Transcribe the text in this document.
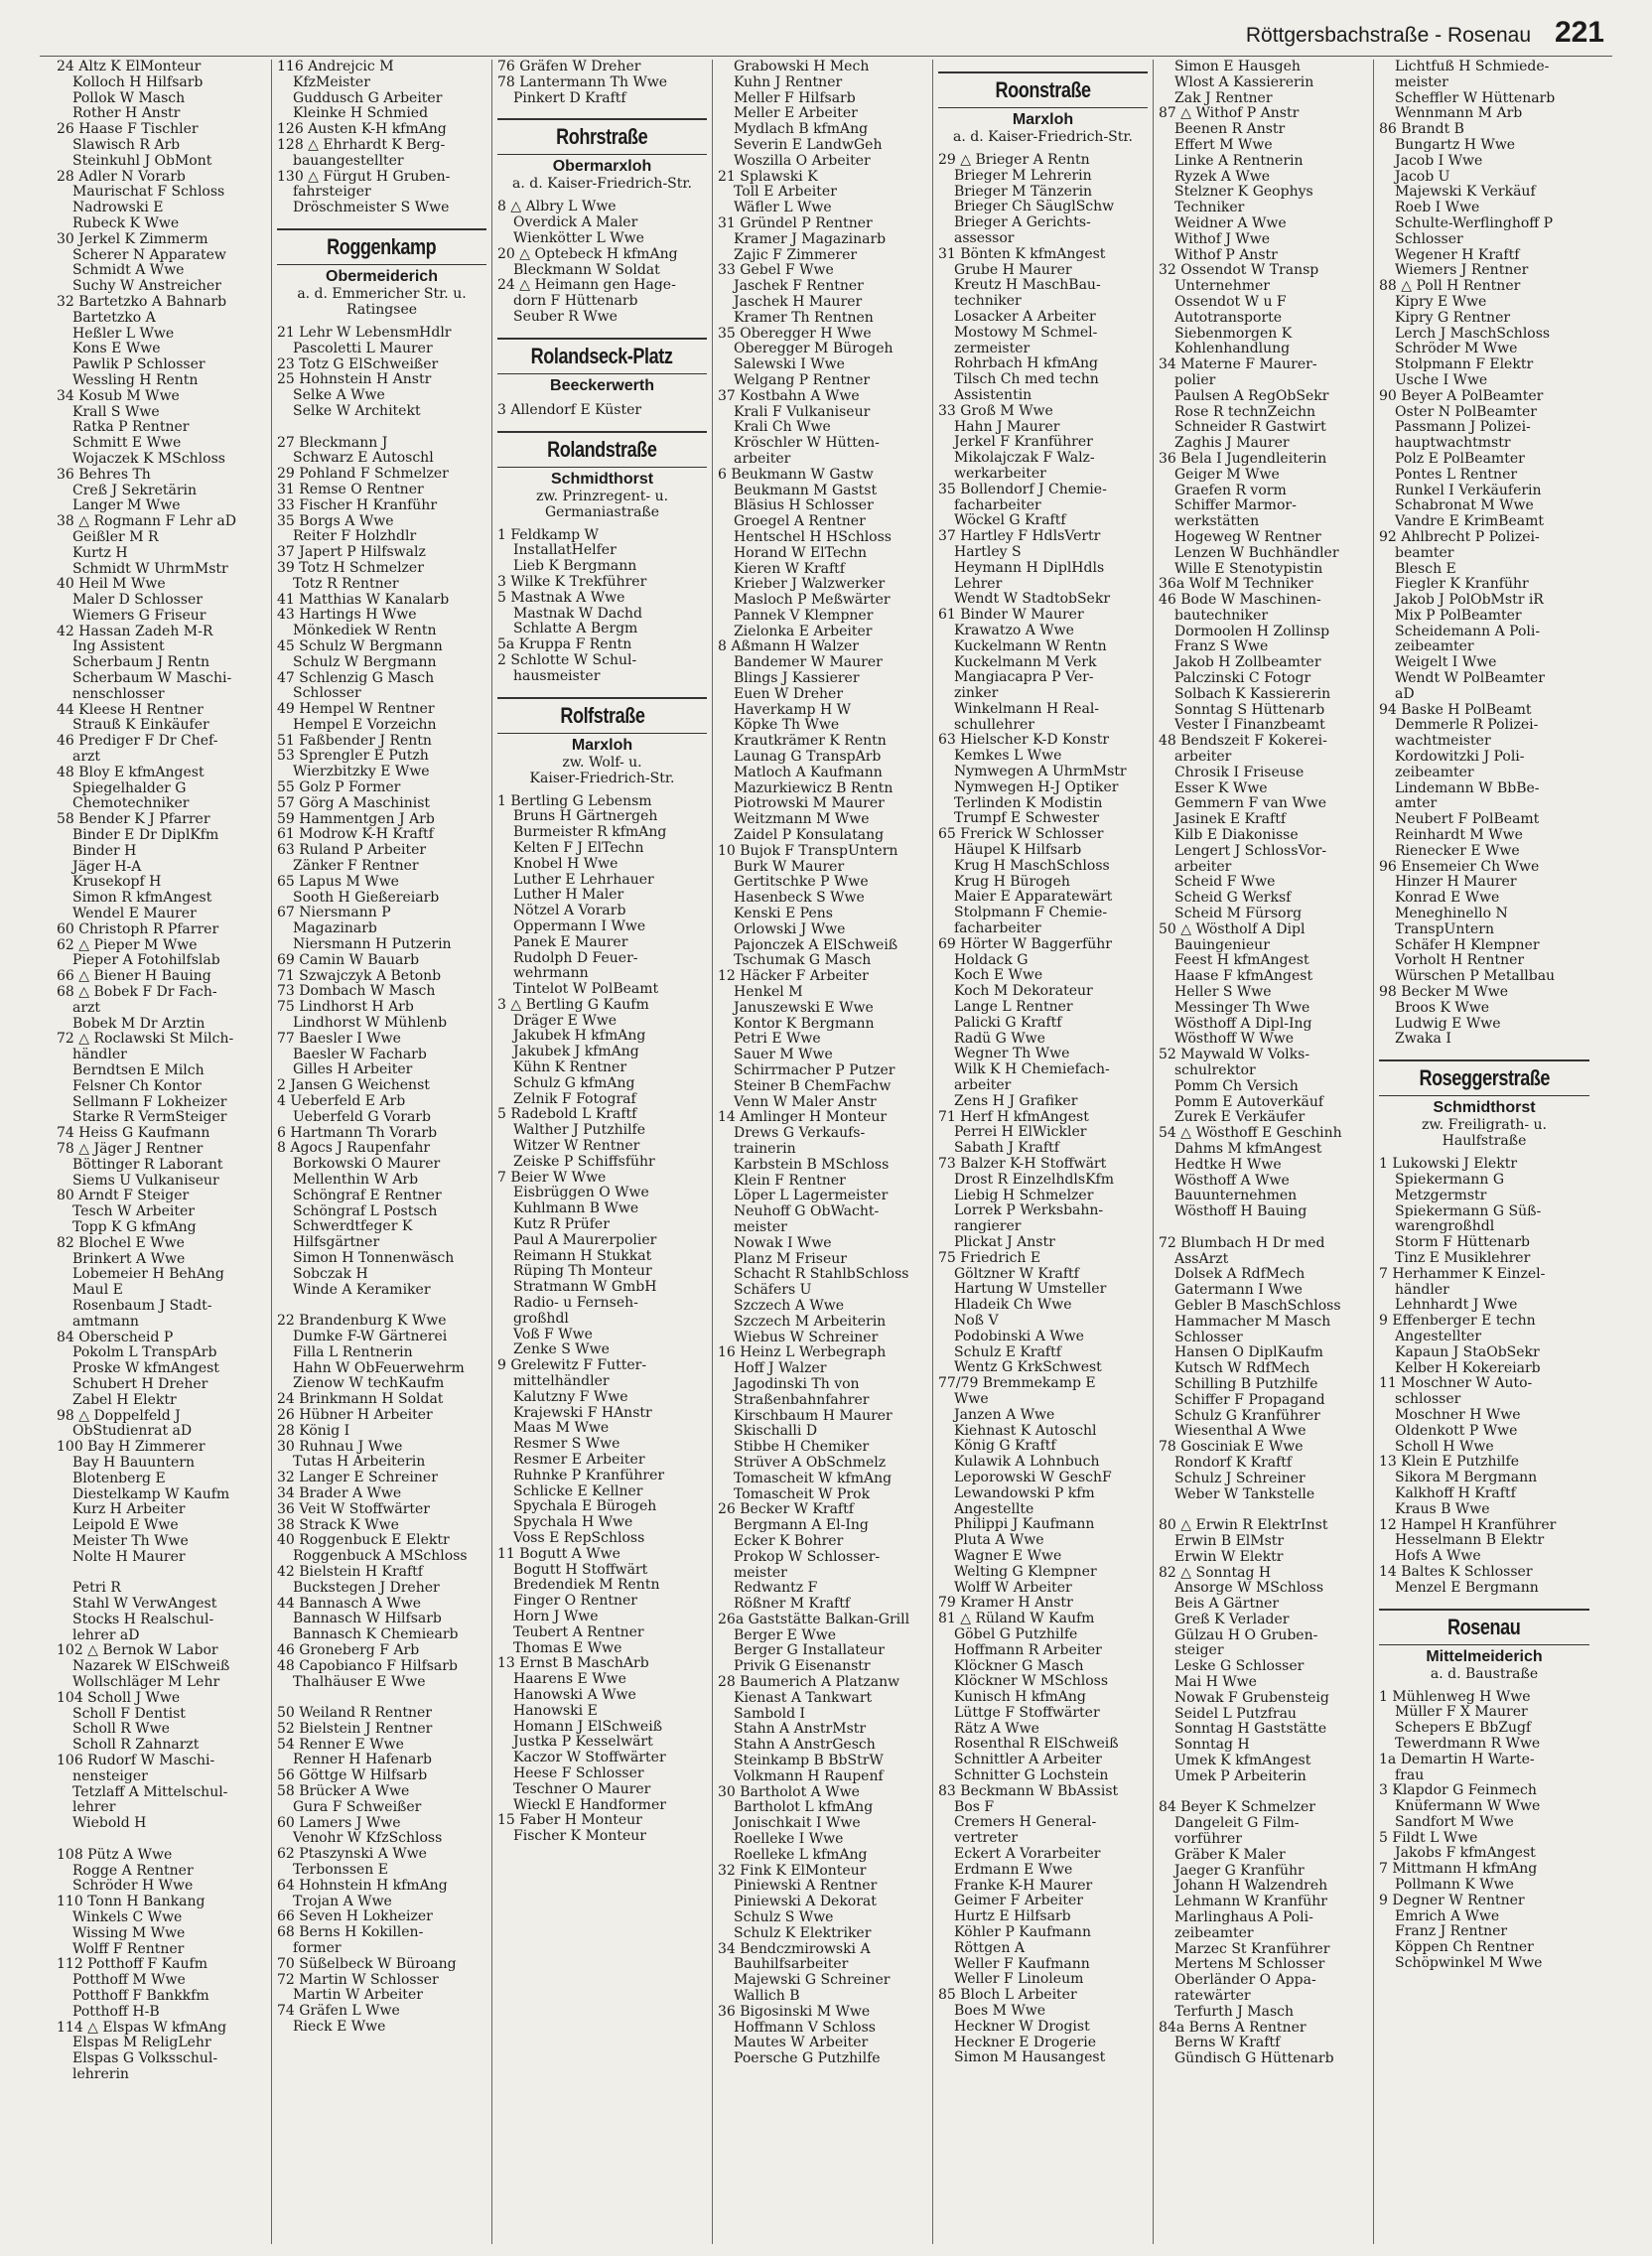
Röttgersbachstraße - Rosenau 221
24 Altz K ElMonteur
Kolloch H Hilfsarb
Pollok W Masch
Rother H Anstr
26 Haase F Tischler
Slawisch R Arb
Steinkuhl J ObMont
28 Adler N Vorarb
Maurischat F Schloss
Nadrowski E
Rubeck K Wwe
30 Jerkel K Zimmerm
Scherer N Apparatew
Schmidt A Wwe
Suchy W Anstreicher
32 Bartetzko A Bahnarb
Bartetzko A
Heßler L Wwe
Kons E Wwe
Pawlik P Schlosser
Wessling H Rentn
34 Kosub M Wwe
Krall S Wwe
Ratka P Rentner
Schmitt E Wwe
Wojaczek K MSchloss
36 Behres Th
Creß J Sekretärin
Langer M Wwe
38 △ Rogmann F Lehr aD
Geißler M R
Kurtz H
Schmidt W UhrmMstr
40 Heil M Wwe
Maler D Schlosser
Wiemers G Friseur
42 Hassan Zadeh M-R
Ing Assistent
Scherbaum J Rentn
Scherbaum W Maschi-
nenschlosser
44 Kleese H Rentner
Strauß K Einkäufer
46 Prediger F Dr Chef-
arzt
48 Bloy E kfmAngest
Spiegelhalder G
Chemotechniker
58 Bender K J Pfarrer
Binder E Dr DiplKfm
Binder H
Jäger H-A
Krusekopf H
Simon R kfmAngest
Wendel E Maurer
60 Christoph R Pfarrer
62 △ Pieper M Wwe
Pieper A Fotohilfslab
66 △ Biener H Bauing
68 △ Bobek F Dr Fach-
arzt
Bobek M Dr Ärztin
72 △ Roclawski St Milch-
händler
Berndtsen E Milch
Felsner Ch Kontor
Sellmann F Lokheizer
Starke R VermSteiger
74 Heiss G Kaufmann
78 △ Jäger J Rentner
Böttinger R Laborant
Siems U Vulkaniseur
80 Arndt F Steiger
Tesch W Arbeiter
Topp K G kfmAng
82 Blochel E Wwe
Brinkert A Wwe
Lobemeier H BehAng
Maul E
Rosenbaum J Stadt-
amtmann
84 Oberscheid P
Pokolm L TranspArb
Proske W kfmAngest
Schubert H Dreher
Zabel H Elektr
98 △ Doppelfeld J
ObStudienrat aD
100 Bay H Zimmerer
Bay H Bauuntern
Blotenberg E
Diestelkamp W Kaufm
Kurz H Arbeiter
Leipold E Wwe
Meister Th Wwe
Nolte H Maurer

Petri R
Stahl W VerwAngest
Stocks H Realschul-
lehrer aD
102 △ Bernok W Labor
Nazarek W ElSchweiß
Wollschläger M Lehr
104 Scholl J Wwe
Scholl F Dentist
Scholl R Wwe
Scholl R Zahnarzt
106 Rudorf W Maschi-
nensteiger
Tetzlaff A Mittelschul-
lehrer
Wiebold H

108 Pütz A Wwe
Rogge A Rentner
Schröder H Wwe
110 Tonn H Bankang
Winkels C Wwe
Wissing M Wwe
Wolff F Rentner
112 Potthoff F Kaufm
Potthoff M Wwe
Potthoff F Bankkfm
Potthoff H-B
114 △ Elspas W kfmAng
Elspas M ReligLehr
Elspas G Volksschul-
lehrerin
116 Andrejcic M
KfzMeister
Guddusch G Arbeiter
Kleinke H Schmied
126 Austen K-H kfmAng
128 △ Ehrhardt K Berg-
bauangestellter
130 △ Fürgut H Gruben-
fahrsteiger
Dröschmeister S Wwe
Roggenkamp
Obermeiderich
a. d. Emmericher Str. u.
Ratingsee
21 Lehr W LebensmHdlr
Pascoletti L Maurer
23 Totz G ElSchweißer
25 Hohnstein H Anstr
Selke A Wwe
Selke W Architekt

27 Bleckmann J
Schwarz E Autoschl
29 Pohland F Schmelzer
31 Remse O Rentner
33 Fischer H Kranführ
35 Borgs A Wwe
Reiter F Holzhdlr
37 Japert P Hilfswalz
39 Totz H Schmelzer
Totz R Rentner
41 Matthias W Kanalarb
43 Hartings H Wwe
Mönkediek W Rentn
45 Schulz W Bergmann
Schulz W Bergmann
47 Schlenzig G Masch
Schlosser
49 Hempel W Rentner
Hempel E Vorzeichn
51 Faßbender J Rentn
53 Sprengler E Putzh
Wierzbitzky E Wwe
55 Golz P Former
57 Görg A Maschinist
59 Hammentgen J Arb
61 Modrow K-H Kraftf
63 Ruland P Arbeiter
Zänker F Rentner
65 Lapus M Wwe
Sooth H Gießereiarb
67 Niersmann P
Magazinarb
Niersmann H Putzerin
69 Camin W Bauarb
71 Szwajczyk A Betonb
73 Dombach W Masch
75 Lindhorst H Arb
Lindhorst W Mühlenb
77 Baesler I Wwe
Baesler W Facharb
Gilles H Arbeiter
2 Jansen G Weichenst
4 Ueberfeld E Arb
Ueberfeld G Vorarb
6 Hartmann Th Vorarb
8 Agocs J Raupenfahr
Borkowski O Maurer
Mellenthin W Arb
Schöngraf E Rentner
Schöngraf L Postsch
Schwerdtfeger K
Hilfsgärtner
Simon H Tonnenwäsch
Sobczak H
Winde A Keramiker

22 Brandenburg K Wwe
Dumke F-W Gärtnerei
Filla L Rentnerin
Hahn W ObFeuerwehrm
Zienow W techKaufm
24 Brinkmann H Soldat
26 Hübner H Arbeiter
28 König I
30 Ruhnau J Wwe
Tutas H Arbeiterin
32 Langer E Schreiner
34 Brader A Wwe
36 Veit W Stoffwärter
38 Strack K Wwe
40 Roggenbuck E Elektr
Roggenbuck A MSchloss
42 Bielstein H Kraftf
Buckstegen J Dreher
44 Bannasch A Wwe
Bannasch W Hilfsarb
Bannasch K Chemiearb
46 Groneberg F Arb
48 Capobianco F Hilfsarb
Thalhäuser E Wwe

50 Weiland R Rentner
52 Bielstein J Rentner
54 Renner E Wwe
Renner H Hafenarb
56 Göttge W Hilfsarb
58 Brücker A Wwe
Gura F Schweißer
60 Lamers J Wwe
Venohr W KfzSchloss
62 Ptaszynski A Wwe
Terbonssen E
64 Hohnstein H kfmAng
Trojan A Wwe
66 Seven H Lokheizer
68 Berns H Kokillen-
former
70 Süßelbeck W Büroang
72 Martin W Schlosser
Martin W Arbeiter
74 Gräfen L Wwe
Rieck E Wwe
76 Gräfen W Dreher
78 Lantermann Th Wwe
Pinkert D Kraftf
Rohrstraße
Obermarxloh
a. d. Kaiser-Friedrich-Str.
8 △ Albry L Wwe
Overdick A Maler
Wienkötter L Wwe
20 △ Optebeck H kfmAng
Bleckmann W Soldat
24 △ Heimann gen Hage-
dorn F Hüttenarb
Seuber R Wwe
Rolandseck-Platz
Beeckerwerth
3 Allendorf E Küster
Rolandstraße
Schmidthorst
zw. Prinzregent- u.
Germaniastraße
1 Feldkamp W
InstallatHelfer
Lieb K Bergmann
3 Wilke K Trekführer
5 Mastnak A Wwe
Mastnak W Dachd
Schlatte A Bergm
5a Kruppa F Rentn
2 Schlotte W Schul-
hausmeister
Rolfstraße
Marxloh
zw. Wolf- u.
Kaiser-Friedrich-Str.
1 Bertling G Lebensm
Bruns H Gärtnergeh
Burmeister R kfmAng
Kelten F J ElTechn
Knobel H Wwe
Luther E Lehrhauer
Luther H Maler
Nötzel A Vorarb
Oppermann I Wwe
Panek E Maurer
Rudolph D Feuer-
wehrmann
Tintelot W PolBeamt
3 △ Bertling G Kaufm
Dräger E Wwe
Jakubek H kfmAng
Jakubek J kfmAng
Kühn K Rentner
Schulz G kfmAng
Zelnik F Fotograf
5 Radebold L Kraftf
Walther J Putzhilfe
Witzer W Rentner
Zeiske P Schiffsführ
7 Beier W Wwe
Eisbrüggen O Wwe
Kuhlmann B Wwe
Kutz R Prüfer
Paul A Maurerpolier
Reimann H Stukkat
Rüping Th Monteur
Stratmann W GmbH
Radio- u Fernseh-
großhdl
Voß F Wwe
Zenke S Wwe
9 Grelewitz F Futter-
mittelhändler
Kalutzny F Wwe
Krajewski F HAnstr
Maas M Wwe
Resmer S Wwe
Resmer E Arbeiter
Ruhnke P Kranführer
Schlicke E Kellner
Spychala E Bürogeh
Spychala H Wwe
Voss E RepSchloss
11 Bogutt A Wwe
Bogutt H Stoffwärt
Bredendiek M Rentn
Finger O Rentner
Horn J Wwe
Teubert A Rentner
Thomas E Wwe
13 Ernst B MaschArb
Haarens E Wwe
Hanowski A Wwe
Hanowski E
Homann J ElSchweiß
Justka P Kesselwärt
Kaczor W Stoffwärter
Heese F Schlosser
Teschner O Maurer
Wieckl E Handformer
15 Faber H Monteur
Fischer K Monteur
Grabowski H Mech
Kuhn J Rentner
Meller F Hilfsarb
Meller E Arbeiter
Mydlach B kfmAng
Severin E LandwGeh
Woszilla O Arbeiter
21 Splawski K
Toll E Arbeiter
Wäfler L Wwe
31 Gründel P Rentner
Kramer J Magazinarb
Zajic F Zimmerer
33 Gebel F Wwe
Jaschek F Rentner
Jaschek H Maurer
Kramer Th Rentnen
35 Oberegger H Wwe
Oberegger M Bürogeh
Salewski I Wwe
Welgang P Rentner
37 Kostbahn A Wwe
Krali F Vulkaniseur
Krali Ch Wwe
Kröschler W Hütten-
arbeiter
6 Beukmann W Gastw
Beukmann M Gastst
Bläsius H Schlosser
Groegel A Rentner
Hentschel H HSchloss
Horand W ElTechn
Kieren W Kraftf
Krieber J Walzwerker
Masloch P Meßwärter
Pannek V Klempner
Zielonka E Arbeiter
8 Aßmann H Walzer
Bandemer W Maurer
Blings J Kassierer
Euen W Dreher
Haverkamp H W
Köpke Th Wwe
Krautkrämer K Rentn
Launag G TranspArb
Matloch A Kaufmann
Mazurkiewicz B Rentn
Piotrowski M Maurer
Weitzmann M Wwe
Zaidel P Konsulatang
10 Bujok F TranspUntern
Burk W Maurer
Gertitschke P Wwe
Hasenbeck S Wwe
Kenski E Pens
Orlowski J Wwe
Pajonczek A ElSchweiß
Tschumak G Masch
12 Häcker F Arbeiter
Henkel M
Januszewski E Wwe
Kontor K Bergmann
Petri E Wwe
Sauer M Wwe
Schirrmacher P Putzer
Steiner B ChemFachw
Venn W Maler Anstr
14 Amlinger H Monteur
Drews G Verkaufs-
trainerin
Karbstein B MSchloss
Klein F Rentner
Löper L Lagermeister
Neuhoff G ObWacht-
meister
Nowak I Wwe
Planz M Friseur
Schacht R StahlbSchloss
Schäfers U
Szczech A Wwe
Szczech M Arbeiterin
Wiebus W Schreiner
16 Heinz L Werbegraph
Hoff J Walzer
Jagodinski Th von
Straßenbahnfahrer
Kirschbaum H Maurer
Skischalli D
Stibbe H Chemiker
Strüver A ObSchmelz
Tomascheit W kfmAng
Tomascheit W Prok
26 Becker W Kraftf
Bergmann A El-Ing
Ecker K Bohrer
Prokop W Schlosser-
meister
Redwantz F
Rößner M Kraftf
26a Gaststätte Balkan-Grill
Berger E Wwe
Berger G Installateur
Privik G Eisenanstr
28 Baumerich A Platzanw
Kienast A Tankwart
Sambold I
Stahn A AnstrMstr
Stahn A AnstrGesch
Steinkamp B BbStrW
Volkmann H Raupenf
30 Bartholot A Wwe
Bartholot L kfmAng
Jonischkait I Wwe
Roelleke I Wwe
Roelleke L kfmAng
32 Fink K ElMonteur
Piniewski A Rentner
Piniewski A Dekorat
Schulz S Wwe
Schulz K Elektriker
34 Bendczmirowski A
Bauhilfsarbeiter
Majewski G Schreiner
Wallich B
36 Bigosinski M Wwe
Hoffmann V Schloss
Mautes W Arbeiter
Poersche G Putzhilfe
Roonstraße
Marxloh
a. d. Kaiser-Friedrich-Str.
29 △ Brieger A Rentn
Brieger M Lehrerin
Brieger M Tänzerin
Brieger Ch SäuglSchw
Brieger A Gerichts-
assessor
31 Bönten K kfmAngest
Grube H Maurer
Kreutz H MaschBau-
techniker
Losacker A Arbeiter
Mostowy M Schmel-
zermeister
Rohrbach H kfmAng
Tilsch Ch med techn
Assistentin
33 Groß M Wwe
Hahn J Maurer
Jerkel F Kranführer
Mikolajczak F Walz-
werkarbeiter
35 Bollendorf J Chemie-
facharbeiter
Wöckel G Kraftf
37 Hartley F HdlsVertr
Hartley S
Heymann H DiplHdls
Lehrer
Wendt W StadtobSekr
61 Binder W Maurer
Krawatzo A Wwe
Kuckelmann W Rentn
Kuckelmann M Verk
Mangiacapra P Ver-
zinker
Winkelmann H Real-
schullehrer
63 Hielscher K-D Konstr
Kemkes L Wwe
Nymwegen A UhrmMstr
Nymwegen H-J Optiker
Terlinden K Modistin
Trumpf E Schwester
65 Frerick W Schlosser
Häupel K Hilfsarb
Krug H MaschSchloss
Krug H Bürogeh
Maier E Apparatewärt
Stolpmann F Chemie-
facharbeiter
69 Hörter W Baggerführ
Holdack G
Koch E Wwe
Koch M Dekorateur
Lange L Rentner
Palicki G Kraftf
Radü G Wwe
Wegner Th Wwe
Wilk K H Chemiefach-
arbeiter
Zens H J Grafiker
71 Herf H kfmAngest
Perrei H ElWickler
Sabath J Kraftf
73 Balzer K-H Stoffwärt
Drost R EinzelhdlsKfm
Liebig H Schmelzer
Lorrek P Werksbahn-
rangierer
Plickat J Anstr
75 Friedrich E
Göltzner W Kraftf
Hartung W Umsteller
Hladeik Ch Wwe
Noß V
Podobinski A Wwe
Schulz E Kraftf
Wentz G KrkSchwest
77/79 Bremmekamp E
Wwe
Janzen A Wwe
Kiehnast K Autoschl
König G Kraftf
Kulawik A Lohnbuch
Leporowski W GeschF
Lewandowski P kfm
Angestellte
Philippi J Kaufmann
Pluta A Wwe
Wagner E Wwe
Welting G Klempner
Wolff W Arbeiter
79 Kramer H Anstr
81 △ Rüland W Kaufm
Göbel G Putzhilfe
Hoffmann R Arbeiter
Klöckner G Masch
Klöckner W MSchloss
Kunisch H kfmAng
Lüttge F Stoffwärter
Rätz A Wwe
Rosenthal R ElSchweiß
Schnittler A Arbeiter
Schnitter G Lochstein
83 Beckmann W BbAssist
Bos F
Cremers H General-
vertreter
Eckert A Vorarbeiter
Erdmann E Wwe
Franke K-H Maurer
Geimer F Arbeiter
Hurtz E Hilfsarb
Köhler P Kaufmann
Röttgen A
Weller F Kaufmann
Weller F Linoleum
85 Bloch L Arbeiter
Boes M Wwe
Heckner W Drogist
Heckner E Drogerie
Simon M Hausangest
Simon E Hausgeh
Wlost A Kassiererin
Zak J Rentner
87 △ Withof P Anstr
Beenen R Anstr
Effert M Wwe
Linke A Rentnerin
Ryzek A Wwe
Stelzner K Geophys
Techniker
Weidner A Wwe
Withof J Wwe
Withof P Anstr
32 Ossendot W Transp
Unternehmer
Ossendot W u F
Autotransporte
Siebenmorgen K
Kohlenhandlung
34 Materne F Maurer-
polier
Paulsen A RegObSekr
Rose R technZeichn
Schneider R Gastwirt
Zaghis J Maurer
36 Bela I Jugendleiterin
Geiger M Wwe
Graefen R vorm
Schiffer Marmor-
werkstätten
Hogeweg W Rentner
Lenzen W Buchhändler
Wille E Stenotypistin
36a Wolf M Techniker
46 Bode W Maschinen-
bautechniker
Dormoolen H Zollinsp
Franz S Wwe
Jakob H Zollbeamter
Palczinski C Fotogr
Solbach K Kassiererin
Sonntag S Hüttenarb
Vester I Finanzbeamt
48 Bendszeit F Kokerei-
arbeiter
Chrosik I Friseuse
Esser K Wwe
Gemmern F van Wwe
Jasinek E Kraftf
Kilb E Diakonisse
Lengert J SchlossVor-
arbeiter
Scheid F Wwe
Scheid G Werksf
Scheid M Fürsorg
50 △ Wöstholf A Dipl
Bauingenieur
Feest H kfmAngest
Haase F kfmAngest
Heller S Wwe
Messinger Th Wwe
Wösthoff A Dipl-Ing
Wösthoff W Wwe
52 Maywald W Volks-
schulrektor
Pomm Ch Versich
Pomm E Autoverkäuf
Zurek E Verkäufer
54 △ Wösthoff E Geschinh
Dahms M kfmAngest
Hedtke H Wwe
Wösthoff A Wwe
Bauunternehmen
Wösthoff H Bauing

72 Blumbach H Dr med
AssArzt
Dolsek A RdfMech
Gatermann I Wwe
Gebler B MaschSchloss
Hammacher M Masch
Schlosser
Hansen O DiplKaufm
Kutsch W RdfMech
Schilling B Putzhilfe
Schiffer F Propagand
Schulz G Kranführer
Wiesenthal A Wwe
78 Gosciniak E Wwe
Rondorf K Kraftf
Schulz J Schreiner
Weber W Tankstelle

80 △ Erwin R ElektrInst
Erwin B ElMstr
Erwin W Elektr
82 △ Sonntag H
Ansorge W MSchloss
Beis A Gärtner
Greß K Verlader
Gülzau H O Gruben-
steiger
Leske G Schlosser
Mai H Wwe
Nowak F Grubensteig
Seidel L Putzfrau
Sonntag H Gaststätte
Sonntag H
Umek K kfmAngest
Umek P Arbeiterin

84 Beyer K Schmelzer
Dangeleit G Film-
vorführer
Gräber K Maler
Jaeger G Kranführ
Johann H Walzendreh
Lehmann W Kranführ
Marlinghaus A Poli-
zeibeamter
Marzec St Kranführer
Mertens M Schlosser
Oberländer O Appa-
ratewärter
Terfurth J Masch
84a Berns A Rentner
Berns W Kraftf
Gündisch G Hüttenarb
Lichtfuß H Schmiede-
meister
Scheffler W Hüttenarb
Wennmann M Arb
86 Brandt B
Bungartz H Wwe
Jacob I Wwe
Jacob U
Majewski K Verkäuf
Roeb I Wwe
Schulte-Werflinghoff P
Schlosser
Wegener H Kraftf
Wiemers J Rentner
88 △ Poll H Rentner
Kipry E Wwe
Kipry G Rentner
Lerch J MaschSchloss
Schröder M Wwe
Stolpmann F Elektr
Usche I Wwe
90 Beyer A PolBeamter
Oster N PolBeamter
Passmann J Polizei-
hauptwachtmstr
Polz E PolBeamter
Pontes L Rentner
Runkel I Verkäuferin
Schabronat M Wwe
Vandre E KrimBeamt
92 Ahlbrecht P Polizei-
beamter
Blesch E
Fiegler K Kranführ
Jakob J PolObMstr iR
Mix P PolBeamter
Scheidemann A Poli-
zeibeamter
Weigelt I Wwe
Wendt W PolBeamter
aD
94 Baske H PolBeamt
Demmerle R Polizei-
wachtmeister
Kordowitzki J Poli-
zeibeamter
Lindemann W BbBe-
amter
Neubert F PolBeamt
Reinhardt M Wwe
Rienecker E Wwe
96 Ensemeier Ch Wwe
Hinzer H Maurer
Konrad E Wwe
Meneghinello N
TranspUntern
Schäfer H Klempner
Vorholt H Rentner
Würschen P Metallbau
98 Becker M Wwe
Broos K Wwe
Ludwig E Wwe
Zwaka I
Roseggerstraße
Schmidthorst
zw. Freiligrath- u.
Haulfstraße
1 Lukowski J Elektr
Spiekermann G
Metzgermstr
Spiekermann G Süß-
warengroßhdl
Storm F Hüttenarb
Tinz E Musiklehrer
7 Herhammer K Einzel-
händler
Lehnhardt J Wwe
9 Effenberger E techn
Angestellter
Kapaun J StaObSekr
Kelber H Kokereiarb
11 Moschner W Auto-
schlosser
Moschner H Wwe
Oldenkott P Wwe
Scholl H Wwe
13 Klein E Putzhilfe
Sikora M Bergmann
Kalkhoff H Kraftf
Kraus B Wwe
12 Hampel H Kranführer
Hesselmann B Elektr
Hofs A Wwe
14 Baltes K Schlosser
Menzel E Bergmann
Rosenau
Mittelmeiderich
a. d. Baustraße
1 Mühlenweg H Wwe
Müller F X Maurer
Schepers E BbZugf
Tewerdmann R Wwe
1a Demartin H Warte-
frau
3 Klapdor G Feinmech
Knüfermann W Wwe
Sandfort M Wwe
5 Fildt L Wwe
Jakobs F kfmAngest
7 Mittmann H kfmAng
Pollmann K Wwe
9 Degner W Rentner
Emrich A Wwe
Franz J Rentner
Köppen Ch Rentner
Schöpwinkel M Wwe
